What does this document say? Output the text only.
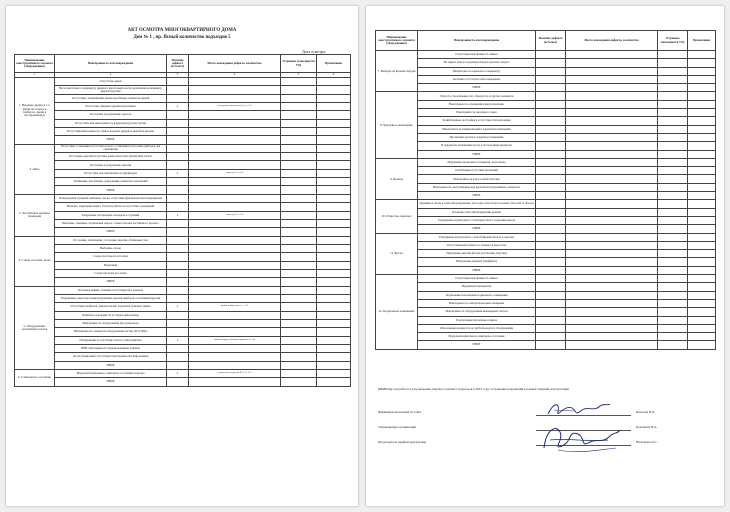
АКТ ОСМОТРА МНОГОКВАРТИРНОГО ДОМА
Дом № 1 , пр. Ясный количество подъездов 5
Дата осмотра:
Наименование конструктивного элемента (оборудования)	Неисправность или повреждение	Наличие дефекта (есть/нет)	Место нахождения дефекта, количество	Устранено (заполняется УО)	Примечание
1	2	3	4	5	6
1. Входные двери (в т.ч. двери на этажах и тамбурах, двери в мусорокамеры)	Отсутствие двери				
	Несоответствие по периметру дверного коробочки/полотна крепления на периметр двери и коробки				
	Отсутствие, заклинивание и/или коробление элементов дверей				
	Отсутствие дверных пружин/доводчиков	x	неисправен доводчик под 2, эт. 1-9		
	Отслоение и разрушение окрасок				
	Отсутствие или неисправность фурнитуры (ручки, петли)				
	Отсутствие/неисправность замков входных дверей и дверей на кровлю				
	ИНОЕ				
2. Окна	Отсутствие остекления/отсутствие второго остекления/отсутствие приборов для открывания				
	Отслоение окраски/отсутствие и/или неплотное прилегание стекла				
	Отслоение и разрушение окраски				
	Отсутствие или неисправность фурнитуры	x	подъезд 2/ эт. 5-8		
	Загнивание, коробление, деформация элементов заполнений				
	ИНОЕ				
3. Лестничные марши и площадки	Повреждения ступеней: выбоины, сколы, отсутствие фрагментов или повреждения				
	Наличие, нарушение перил, благоустройство и отсутствие ограждений				
	Разрушение лестничных площадок и ступеней	x	подъезд 4/ эт. 3-4		
	Выбоины, трещины, загрязнения окраса, стены/ потолка лестничного пролета				
	ИНОЕ				
4. Стены, потолки, полы	Отслоение, загрязнение, отслоение окраски, облицовки стен				
	Выбоины, сколы				
	Следы протечек на потолках				
	Вандализм				
	Следы протечек на стенах				
	ИНОЕ				
5. Оборудование лестничных клеток	Почтовые ящики: сломаны/отсутствуют/без номеров				
	Разрушение стекол/протечки/разрушения окраски приборов отопления/коррозия				
	Отсутствие плафонов, выключателей, подсветки домовых знаков	x	разбит плафон под 5, эт. 1-2		
	Приборы отопления отсутствуют/неисправны				
	Неисправность оборудования мусоропровода				
	Неисправность элементов/оборудования систем ДУ и ППА				
	Обнаружение и отсутствие сети на этажах/щитках	x	забиты воздухо-заборные щитки на эт. 4-8		
	ВПВ: неисправность кранов/пожарных рукавов				
	Доски объявлений отсутствуют/неисправны/нет информации				
	ИНОЕ				
6. Санитарное состояние	Неудовлетворительное санитарное состояние подъезда	x	загрязнение подъезда № 3, эт. 1-9		
	ИНОЕ				
Наименование конструктивного элемента (оборудования)	Неисправность или повреждение	Наличие дефекта (есть/нет)	Место нахождения дефекта, количество	Устранено (заполняется УО)	Примечание
7. Выходы на кровлю/чердак	Отсутствие/неисправность замков				
	Не закрыт люк на чердачную/вход на кровлю заперта				
	Непригодность крыльца по периметру				
	Лестница отсутствует или повреждена				
	ИНОЕ				
8. Чердачное помещение	Глухость строительных лаг, образуется, и других элементов				
	Неисправность освещения/электропроводки				
	Неисправность чердачного люка				
	Хозяйственные постройки и отсутствие теплоизоляции				
	Неисправность коммуникаций в чердачном помещении				
	Протекание кровли в чердачное помещение				
	В чердачном помещении мусор и посторонние предметы				
	ИНОЕ				
9. Кровля	Нарушение кровельного покрытия, водоотвода				
	Ослабление/отсутствие креплений				
	Неисправность водосточной системы				
	Неисправность выступающих над кровлей конструктивных элементов				
	ИНОЕ				
10. Отмостка, крыльца	Трещины и сколы в отмостке/разрушение, просадка отмостки/отслоение отмостки от фасада				
	Оседание отмостки/разрушение крылец				
	Разрушение штукатурного слоя/окрасочного покрытия цоколя				
	ИНОЕ				
11. Фасад	Разрушение штукатурного слоя/облицовки фасада и окраски				
	Отсутствие/неисправность элементов водостока				
	Нарушение окраски фасада (отслоения, вздутия)				
	Вандальные надписи (граффити)				
	ИНОЕ				
12. Подвальное помещение	Отсутствие/неисправность замков				
	Нарушение перекрытия				
	Загрязнение/захламление подвального помещения				
	Неисправность электропроводки/освещения				
	Неисправность оборудования инженерных систем				
	Подтопление/затопление подвала				
	Образование конденсата на трубопроводах и оборудовании				
	Неудовлетворительное санитарное состояние				
	ИНОЕ				
[ВЫВОД]: потребность в проведении текущего ремонта подъездов в 2023 году/ устранение нарушений в рамках текущей эксплуатации
Жилищная инспекция по САО	Кононов П.Д.
Управляющая организация	Кочеткова Н.А.
Председатель префектуры/управы	Васильева О.С.
